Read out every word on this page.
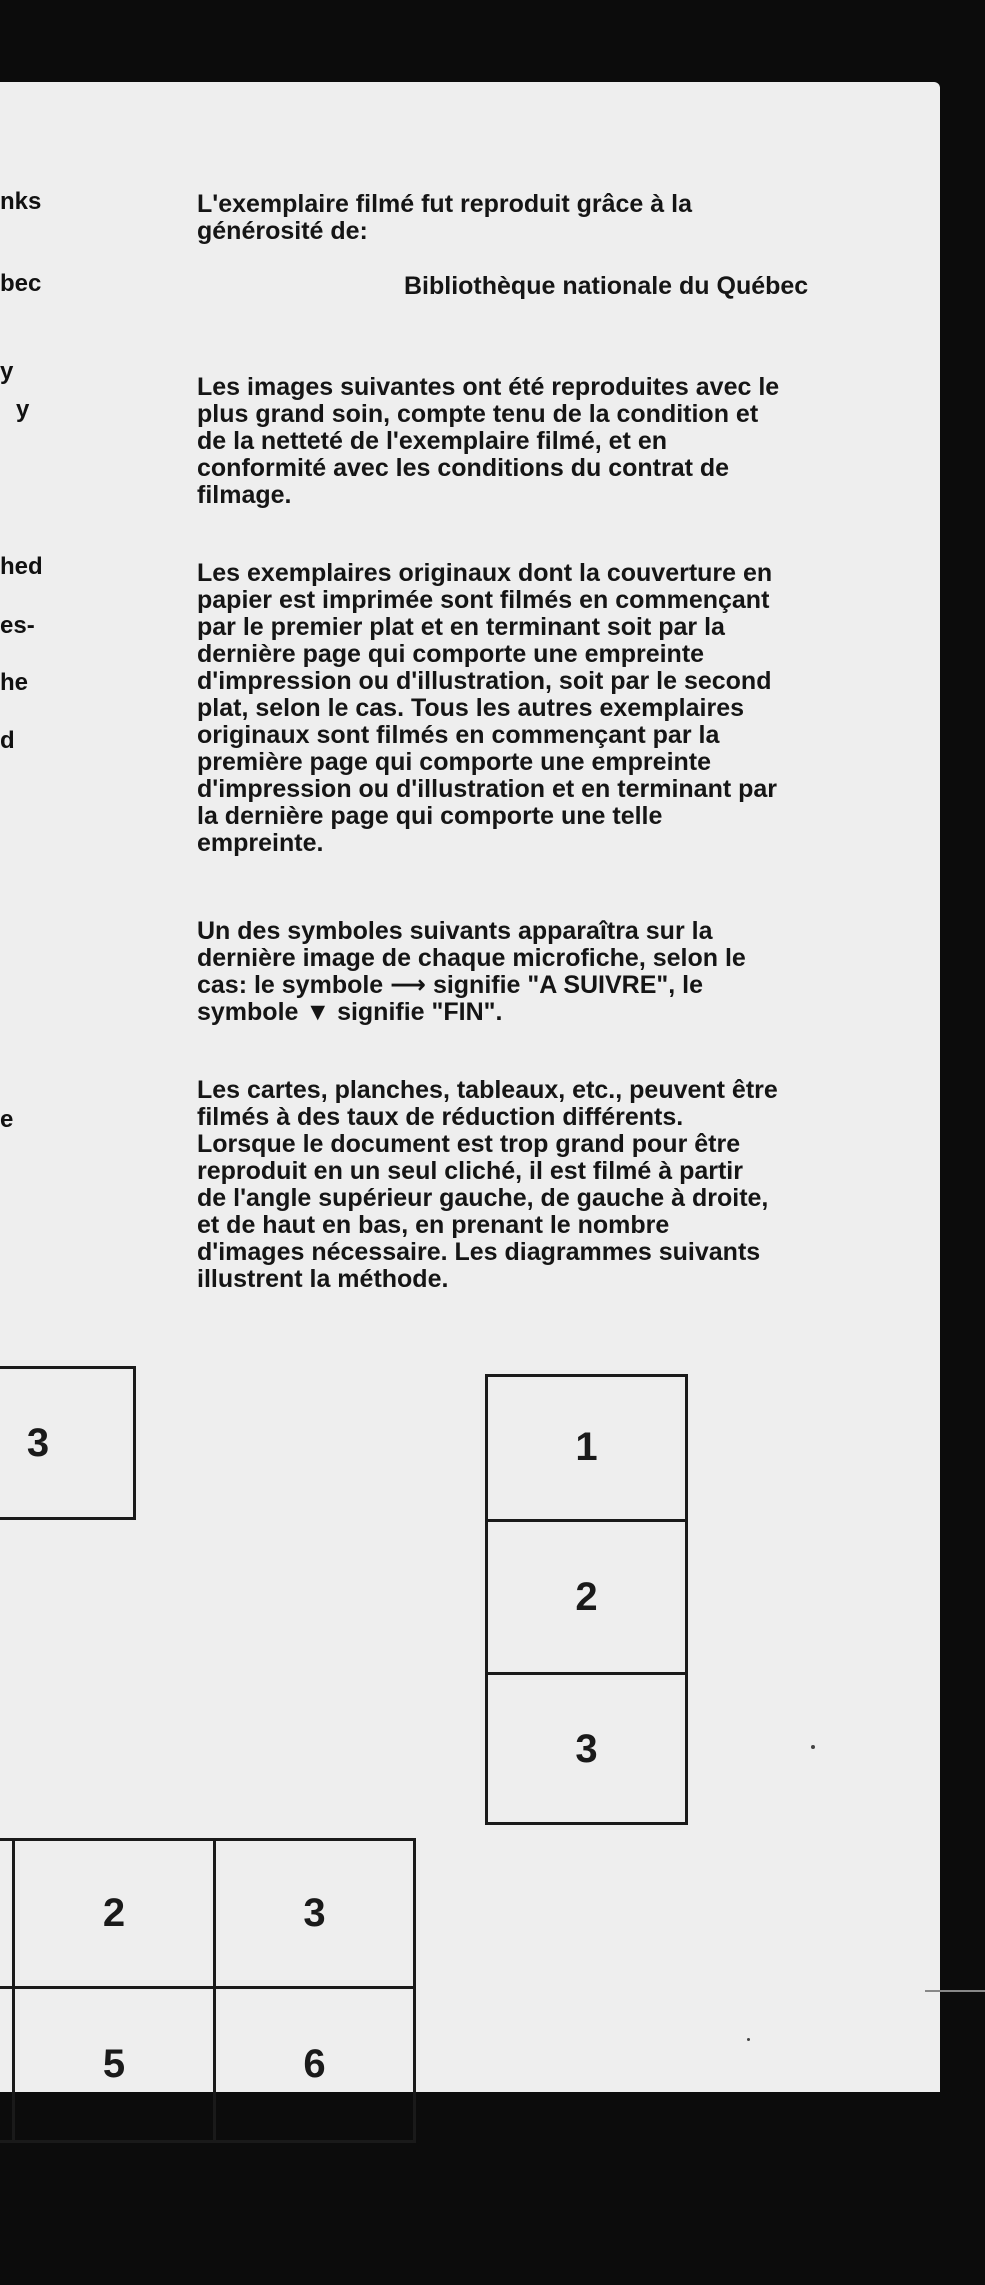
nks
bec
y
y
hed
es-
he
d
e
L'exemplaire filmé fut reproduit grâce à la
générosité de:
Bibliothèque nationale du Québec
Les images suivantes ont été reproduites avec le
plus grand soin, compte tenu de la condition et
de la netteté de l'exemplaire filmé, et en
conformité avec les conditions du contrat de
filmage.
Les exemplaires originaux dont la couverture en
papier est imprimée sont filmés en commençant
par le premier plat et en terminant soit par la
dernière page qui comporte une empreinte
d'impression ou d'illustration, soit par le second
plat, selon le cas. Tous les autres exemplaires
originaux sont filmés en commençant par la
première page qui comporte une empreinte
d'impression ou d'illustration et en terminant par
la dernière page qui comporte une telle
empreinte.
Un des symboles suivants apparaîtra sur la
dernière image de chaque microfiche, selon le
cas: le symbole ⟶ signifie "A SUIVRE", le
symbole ▼ signifie "FIN".
Les cartes, planches, tableaux, etc., peuvent être
filmés à des taux de réduction différents.
Lorsque le document est trop grand pour être
reproduit en un seul cliché, il est filmé à partir
de l'angle supérieur gauche, de gauche à droite,
et de haut en bas, en prenant le nombre
d'images nécessaire. Les diagrammes suivants
illustrent la méthode.
3	1
2
3
2	3
5	6
